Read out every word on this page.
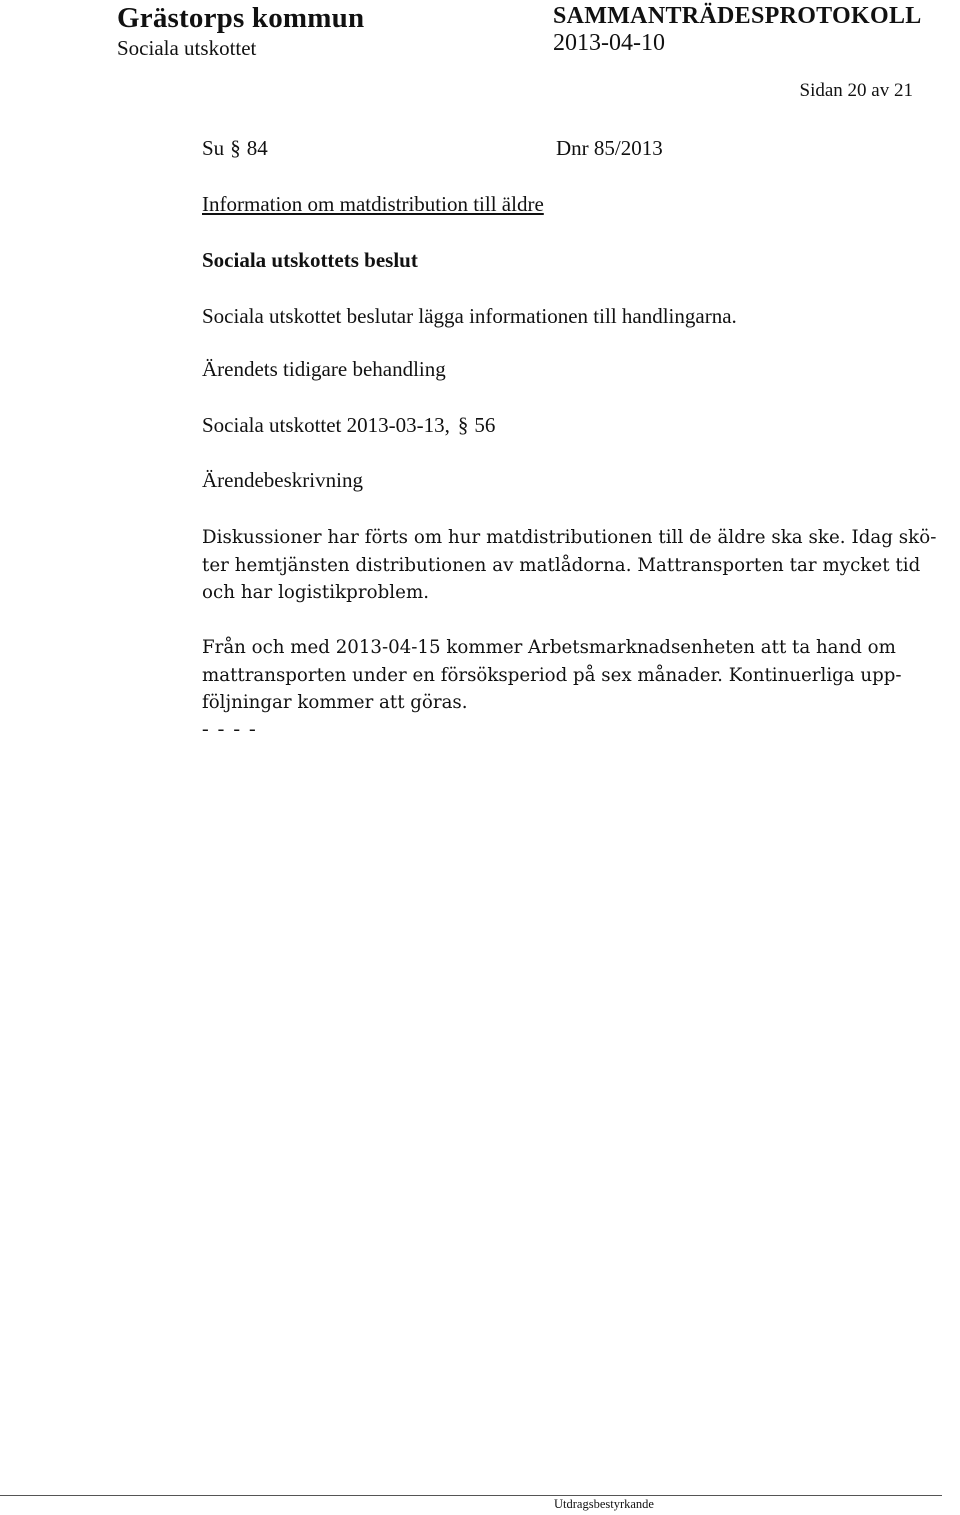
Grästorps kommun
Sociala utskottet
SAMMANTRÄDESPROTOKOLL
2013-04-10
Sidan 20 av 21
Su § 84	Dnr 85/2013
Information om matdistribution till äldre
Sociala utskottets beslut
Sociala utskottet beslutar lägga informationen till handlingarna.
Ärendets tidigare behandling
Sociala utskottet 2013-03-13, § 56
Ärendebeskrivning
Diskussioner har förts om hur matdistributionen till de äldre ska ske. Idag skö-
ter hemtjänsten distributionen av matlådorna. Mattransporten tar mycket tid
och har logistikproblem.
Från och med 2013-04-15 kommer Arbetsmarknadsenheten att ta hand om
mattransporten under en försöksperiod på sex månader. Kontinuerliga upp-
följningar kommer att göras.
- - - -
Utdragsbestyrkande
